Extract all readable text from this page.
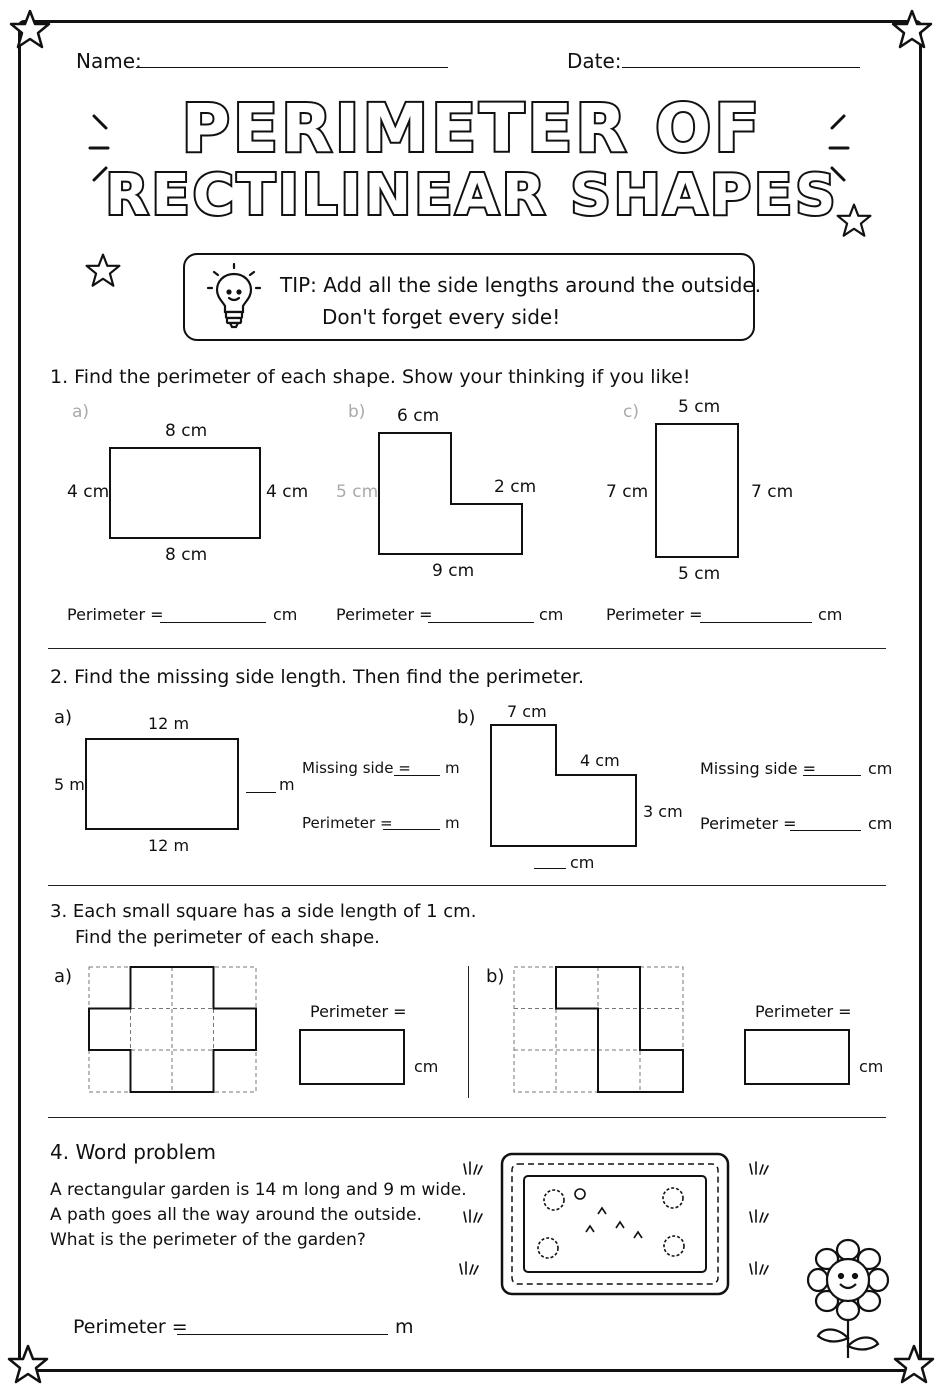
Name:	Date:
PERIMETER OF
RECTILINEAR SHAPES
TIP: Add all the side lengths around the outside.
Don't forget every side!
1. Find the perimeter of each shape. Show your thinking if you like!
a)
8 cm
4 cm	4 cm
8 cm
b) 6 cm
5 cm	2 cm
9 cm
c) 5 cm
7 cm	7 cm
5 cm
Perimeter =	cm Perimeter =	cm	Perimeter =	cm
2. Find the missing side length. Then find the perimeter.
a)	12 m
5 m	m
12 m
Missing side = m
Perimeter =	m
b) 7 cm
4 cm
3 cm
cm
Missing side =	cm
Perimeter =	cm
3. Each small square has a side length of 1 cm.
Find the perimeter of each shape.
a)
Perimeter =
cm
b)
Perimeter =
cm
4. Word problem
A rectangular garden is 14 m long and 9 m wide.
A path goes all the way around the outside.
What is the perimeter of the garden?
Perimeter =	m
